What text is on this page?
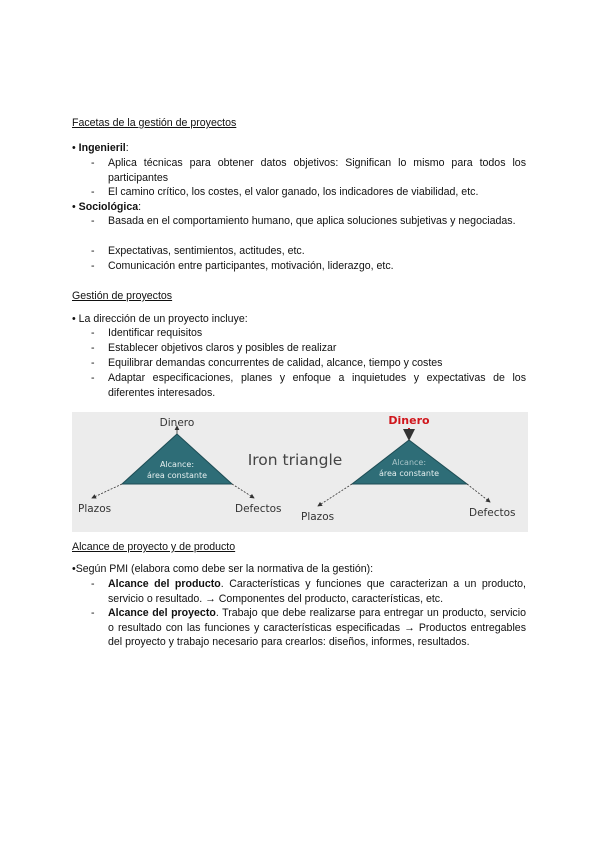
Facetas de la gestión de proyectos
• Ingenieril:
- Aplica técnicas para obtener datos objetivos: Significan lo mismo para todos los participantes
- El camino crítico, los costes, el valor ganado, los indicadores de viabilidad, etc.
• Sociológica:
- Basada en el comportamiento humano, que aplica soluciones subjetivas y negociadas.
- Expectativas, sentimientos, actitudes, etc.
- Comunicación entre participantes, motivación, liderazgo, etc.
Gestión de proyectos
• La dirección de un proyecto incluye:
- Identificar requisitos
- Establecer objetivos claros y posibles de realizar
- Equilibrar demandas concurrentes de calidad, alcance, tiempo y costes
- Adaptar especificaciones, planes y enfoque a inquietudes y expectativas de los diferentes interesados.
Dinero
Alcance:
área constante
Plazos	Defectos
Iron triangle
Dinero
Alcance:
área constante
Plazos	Defectos
Alcance de proyecto y de producto
•Según PMI (elabora como debe ser la normativa de la gestión):
- Alcance del producto. Características y funciones que caracterizan a un producto, servicio o resultado. → Componentes del producto, características, etc.
- Alcance del proyecto. Trabajo que debe realizarse para entregar un producto, servicio o resultado con las funciones y características especificadas → Productos entregables del proyecto y trabajo necesario para crearlos: diseños, informes, resultados.
